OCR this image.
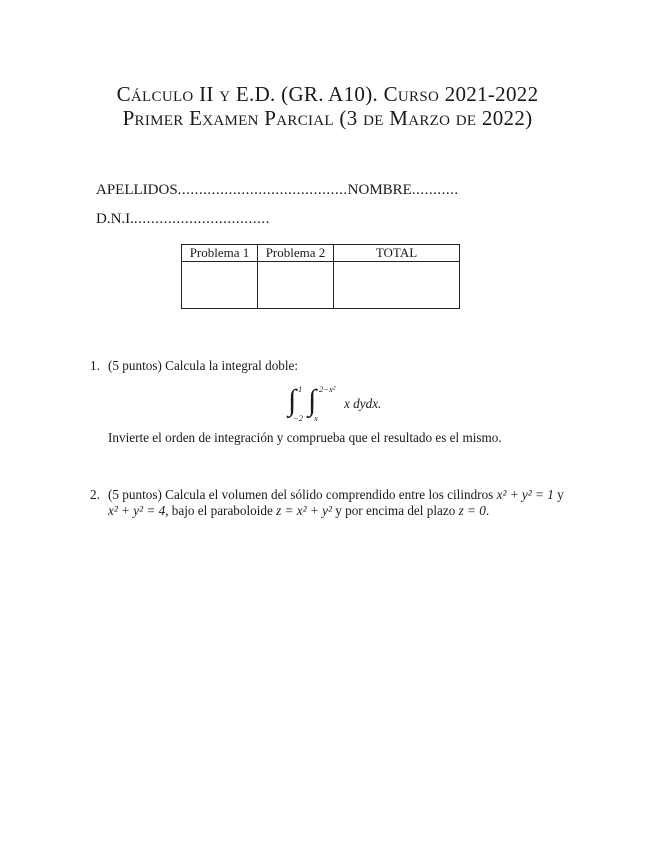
Cálculo II y E.D. (GR. A10). Curso 2021-2022
Primer Examen Parcial (3 de Marzo de 2022)
APELLIDOS........................................NOMBRE...........
D.N.I.................................
Problema 1	Problema 2	TOTAL

1. (5 puntos) Calcula la integral doble:
∫ 1
−2
∫ 2−x²
x
x dydx.
Invierte el orden de integración y comprueba que el resultado es el mismo.
2. (5 puntos) Calcula el volumen del sólido comprendido entre los cilindros x² + y² = 1 y x² + y² = 4, bajo el paraboloide z = x² + y² y por encima del plazo z = 0.
